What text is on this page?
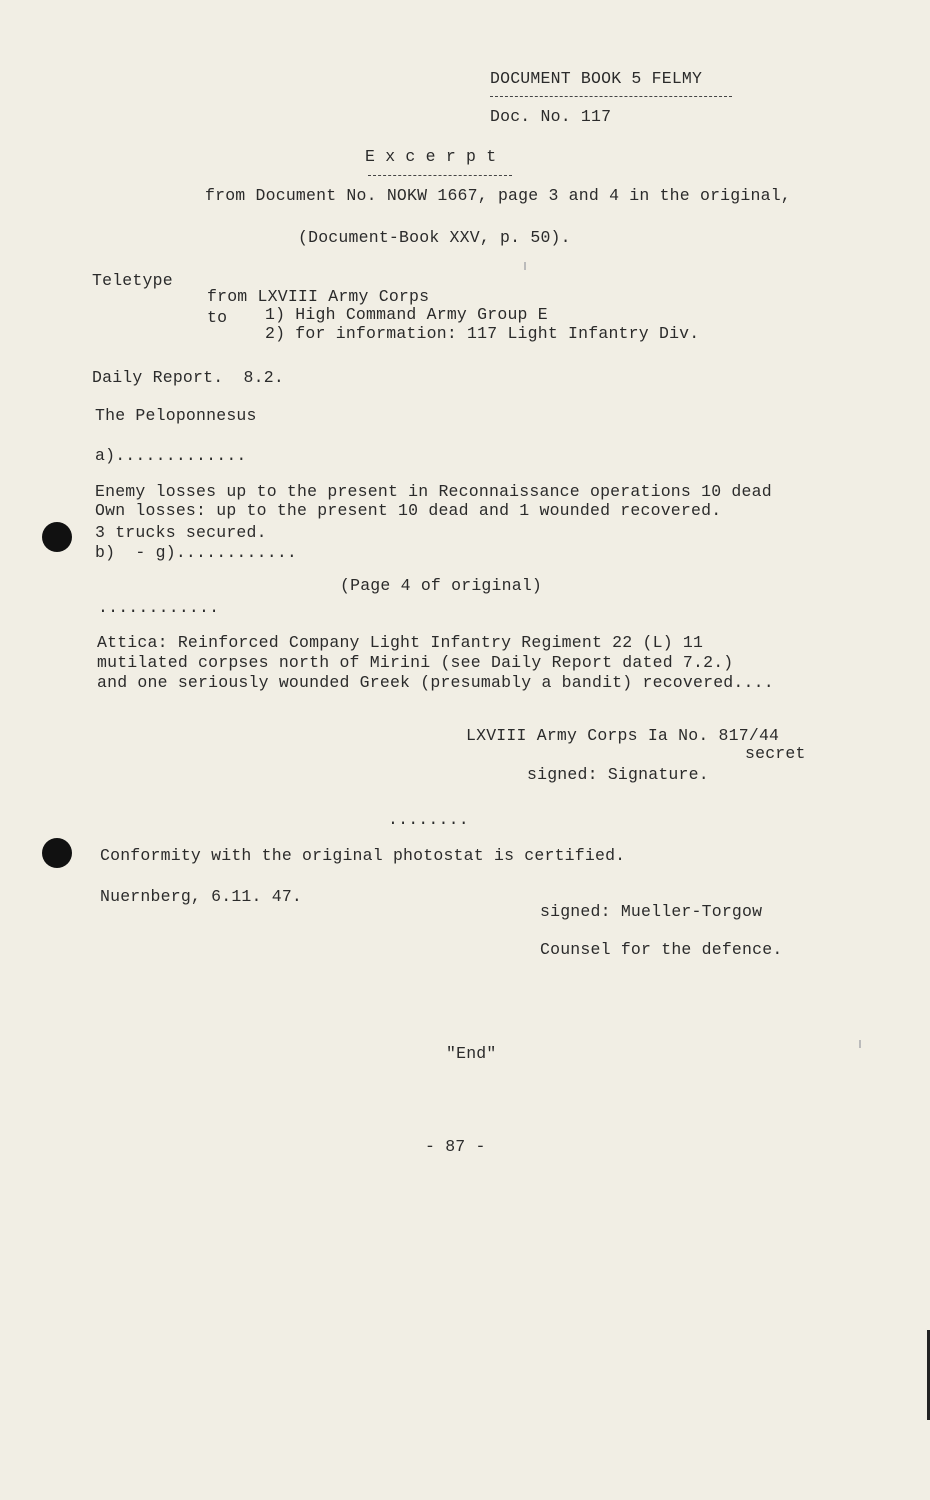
DOCUMENT BOOK 5 FELMY
Doc. No. 117
E x c e r p t
from Document No. NOKW 1667, page 3 and 4 in the original,
(Document-Book XXV, p. 50).
Teletype
from LXVIII Army Corps
to 1) High Command Army Group E
2) for information: 117 Light Infantry Div.
Daily Report.  8.2.
The Peloponnesus
a).............
Enemy losses up to the present in Reconnaissance operations 10 dead
Own losses: up to the present 10 dead and 1 wounded recovered.
3 trucks secured.
b)  - g)............
(Page 4 of original)
............
Attica: Reinforced Company Light Infantry Regiment 22 (L) 11
mutilated corpses north of Mirini (see Daily Report dated 7.2.)
and one seriously wounded Greek (presumably a bandit) recovered....
LXVIII Army Corps Ia No. 817/44
secret
signed: Signature.
........
Conformity with the original photostat is certified.
Nuernberg, 6.11. 47.
signed: Mueller-Torgow
Counsel for the defence.
"End"
- 87 -
